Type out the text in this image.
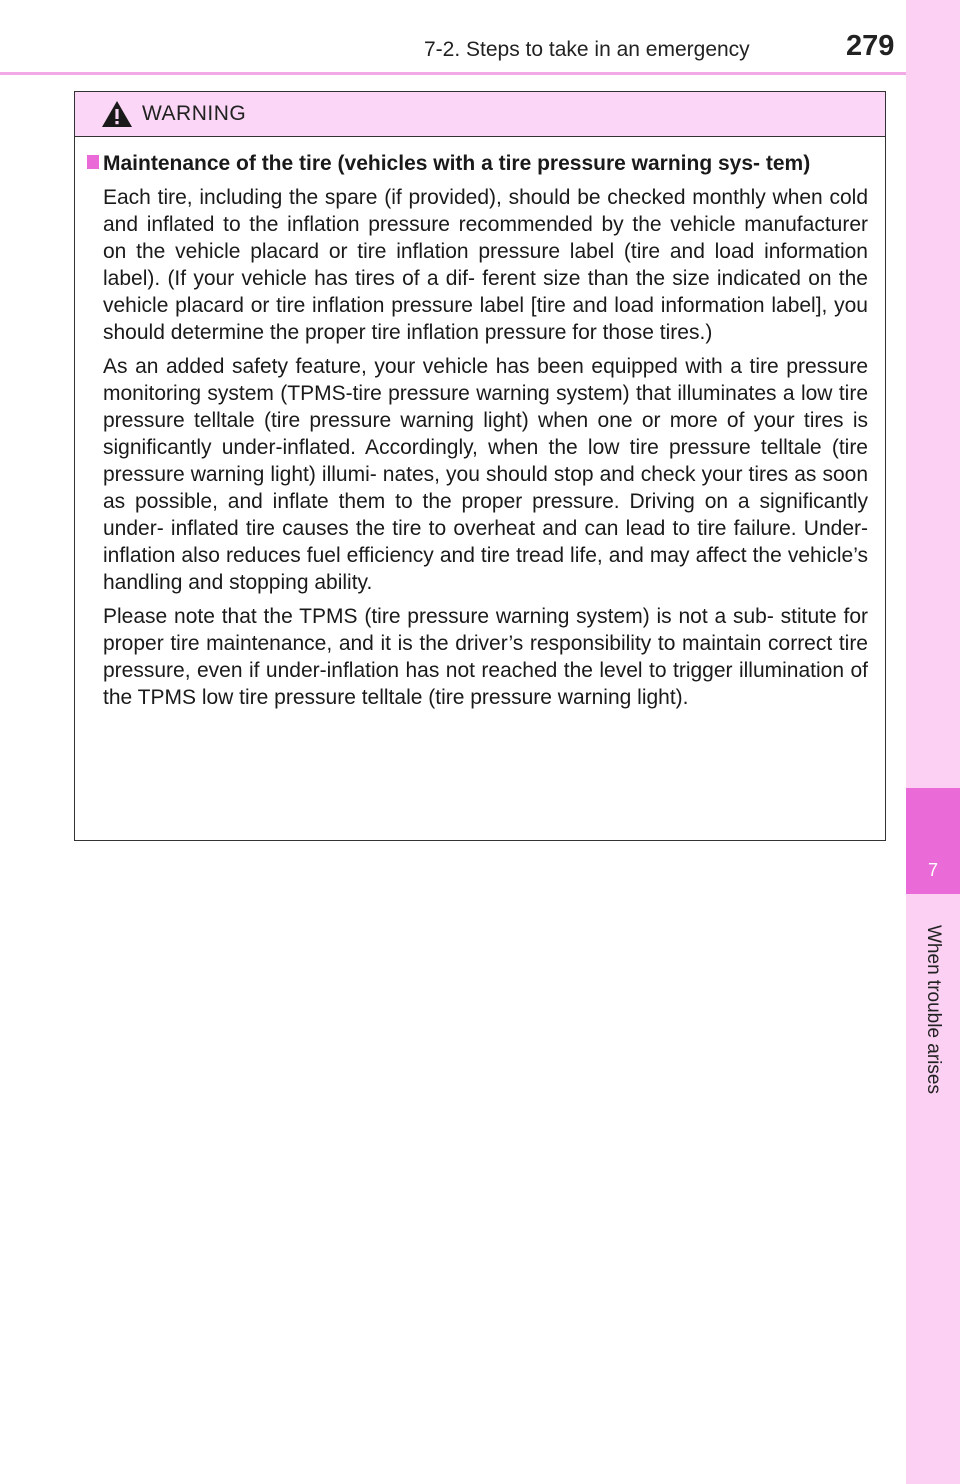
7-2. Steps to take in an emergency	279
7
When trouble arises
WARNING
Maintenance of the tire (vehicles with a tire pressure warning sys- tem)

Each tire, including the spare (if provided), should be checked monthly when cold and inflated to the inflation pressure recommended by the vehicle manufacturer on the vehicle placard or tire inflation pressure label (tire and load information label). (If your vehicle has tires of a dif- ferent size than the size indicated on the vehicle placard or tire inflation pressure label [tire and load information label], you should determine the proper tire inflation pressure for those tires.)

As an added safety feature, your vehicle has been equipped with a tire pressure monitoring system (TPMS-tire pressure warning system) that illuminates a low tire pressure telltale (tire pressure warning light) when one or more of your tires is significantly under-inflated. Accordingly, when the low tire pressure telltale (tire pressure warning light) illumi- nates, you should stop and check your tires as soon as possible, and inflate them to the proper pressure. Driving on a significantly under- inflated tire causes the tire to overheat and can lead to tire failure. Under-inflation also reduces fuel efficiency and tire tread life, and may affect the vehicle’s handling and stopping ability.

Please note that the TPMS (tire pressure warning system) is not a sub- stitute for proper tire maintenance, and it is the driver’s responsibility to maintain correct tire pressure, even if under-inflation has not reached the level to trigger illumination of the TPMS low tire pressure telltale (tire pressure warning light).
